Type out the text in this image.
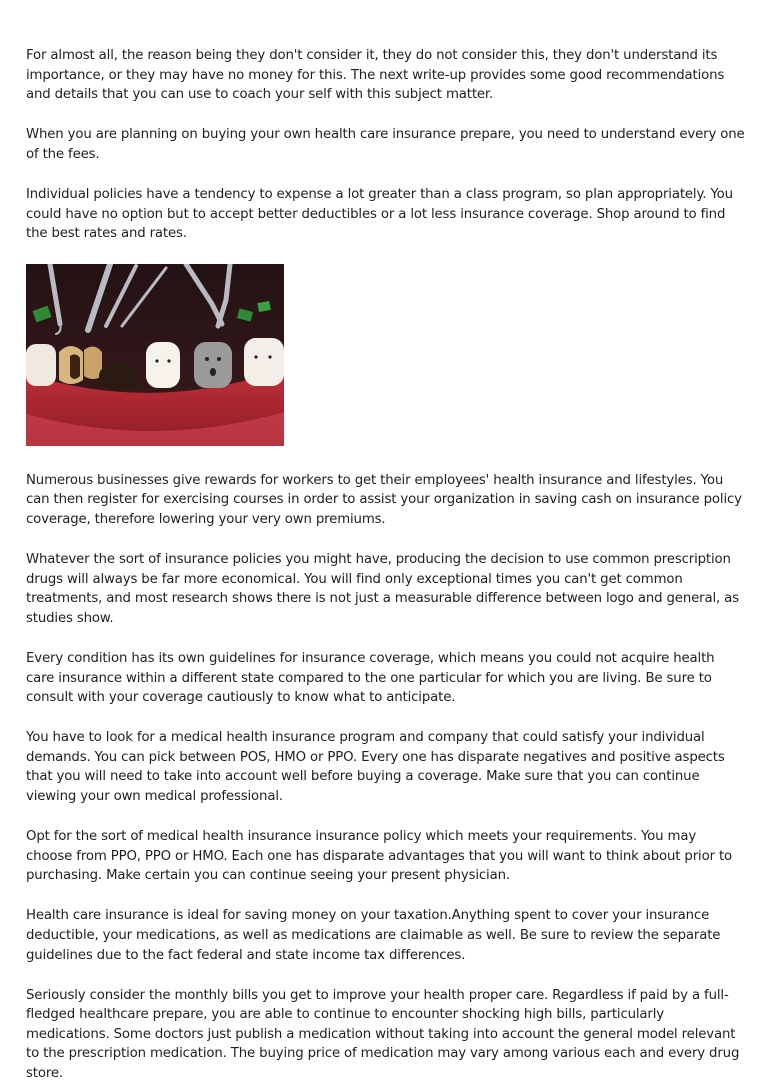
For almost all, the reason being they don't consider it, they do not consider this, they don't understand its importance, or they may have no money for this. The next write-up provides some good recommendations and details that you can use to coach your self with this subject matter.

When you are planning on buying your own health care insurance prepare, you need to understand every one of the fees.

Individual policies have a tendency to expense a lot greater than a class program, so plan appropriately. You could have no option but to accept better deductibles or a lot less insurance coverage. Shop around to find the best rates and rates.

Numerous businesses give rewards for workers to get their employees' health insurance and lifestyles. You can then register for exercising courses in order to assist your organization in saving cash on insurance policy coverage, therefore lowering your very own premiums.

Whatever the sort of insurance policies you might have, producing the decision to use common prescription drugs will always be far more economical. You will find only exceptional times you can't get common treatments, and most research shows there is not just a measurable difference between logo and general, as studies show.

Every condition has its own guidelines for insurance coverage, which means you could not acquire health care insurance within a different state compared to the one particular for which you are living. Be sure to consult with your coverage cautiously to know what to anticipate.

You have to look for a medical health insurance program and company that could satisfy your individual demands. You can pick between POS, HMO or PPO. Every one has disparate negatives and positive aspects that you will need to take into account well before buying a coverage. Make sure that you can continue viewing your own medical professional.

Opt for the sort of medical health insurance insurance policy which meets your requirements. You may choose from PPO, PPO or HMO. Each one has disparate advantages that you will want to think about prior to purchasing. Make certain you can continue seeing your present physician.

Health care insurance is ideal for saving money on your taxation.Anything spent to cover your insurance deductible, your medications, as well as medications are claimable as well. Be sure to review the separate guidelines due to the fact federal and state income tax differences.

Seriously consider the monthly bills you get to improve your health proper care. Regardless if paid by a full-fledged healthcare prepare, you are able to continue to encounter shocking high bills, particularly medications. Some doctors just publish a medication without taking into account the general model relevant to the prescription medication. The buying price of medication may vary among various each and every drug store.
